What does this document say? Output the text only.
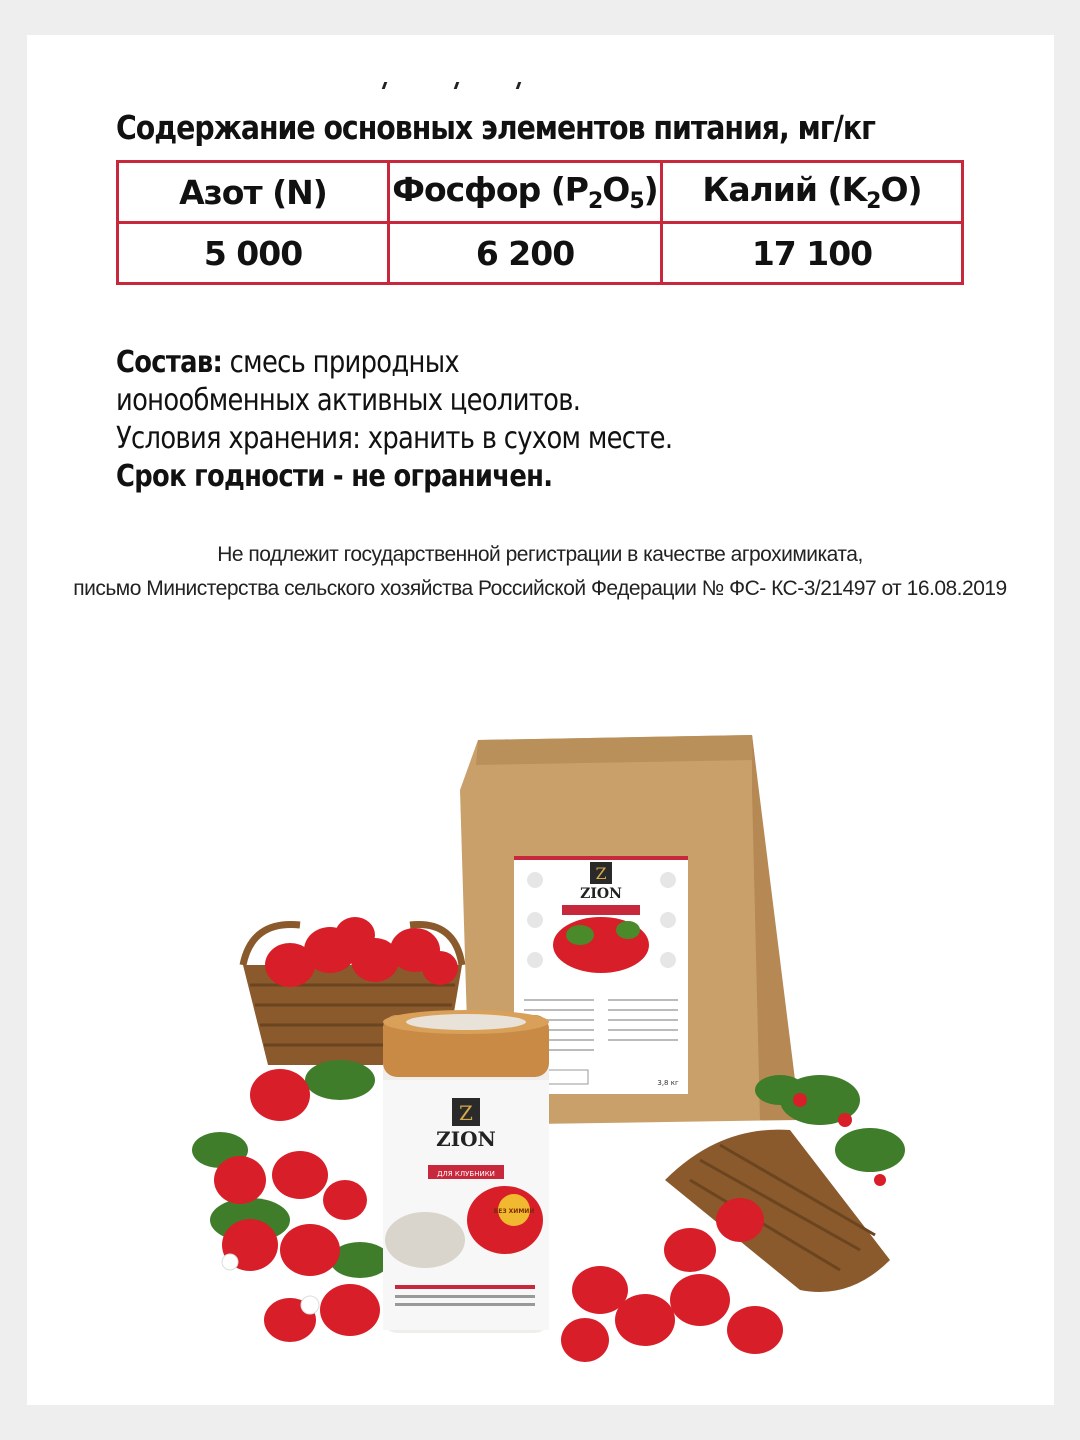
Содержание основных элементов питания, мг/кг
Азот (N)	Фосфор $(P_2O_5)$	Калий $(K_2O)$
5 000	6 200	17 100
Состав: смесь природных
ионообменных активных цеолитов.
Условия хранения: хранить в сухом месте.
Срок годности - не ограничен.
Не подлежит государственной регистрации в качестве агрохимиката,
письмо Министерства сельского хозяйства Российской Федерации № ФС- КС-3/21497 от 16.08.2019
Z
ZION
3,8 кг
Z
ZION
ДЛЯ КЛУБНИКИ
БЕЗ ХИМИИ
